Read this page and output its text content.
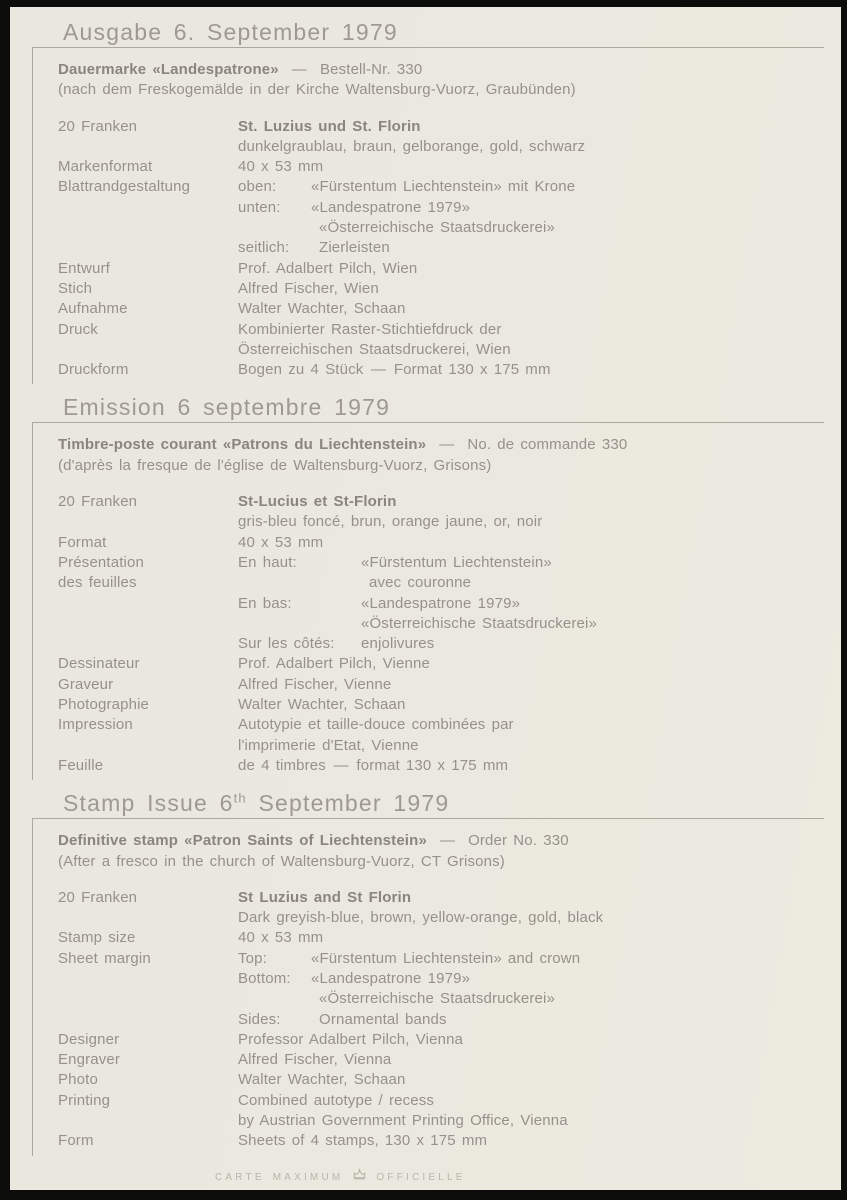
Ausgabe 6. September 1979

Dauermarke «Landespatrone» — Bestell-Nr. 330

(nach dem Freskogemälde in der Kirche Waltensburg-Vuorz, Graubünden)

20 Franken	St. Luzius und St. Florin
dunkelgraublau, braun, gelborange, gold, schwarz
Markenformat	40 x 53 mm
Blattrandgestaltung	oben:	«Fürstentum Liechtenstein» mit Krone
unten:	«Landespatrone 1979»
«Österreichische Staatsdruckerei»
seitlich:	Zierleisten
Entwurf	Prof. Adalbert Pilch, Wien
Stich	Alfred Fischer, Wien
Aufnahme	Walter Wachter, Schaan
Druck	Kombinierter Raster-Stichtiefdruck der
Österreichischen Staatsdruckerei, Wien
Druckform	Bogen zu 4 Stück — Format 130 x 175 mm
Emission 6 septembre 1979

Timbre-poste courant «Patrons du Liechtenstein» — No. de commande 330

(d'après la fresque de l'église de Waltensburg-Vuorz, Grisons)

20 Franken	St-Lucius et St-Florin
gris-bleu foncé, brun, orange jaune, or, noir
Format	40 x 53 mm
Présentation
des feuilles
En haut:	«Fürstentum Liechtenstein»
avec couronne
En bas:	«Landespatrone 1979»
«Österreichische Staatsdruckerei»
Sur les côtés:	enjolivures
Dessinateur	Prof. Adalbert Pilch, Vienne
Graveur	Alfred Fischer, Vienne
Photographie	Walter Wachter, Schaan
Impression	Autotypie et taille-douce combinées par
l'imprimerie d'Etat, Vienne
Feuille	de 4 timbres — format 130 x 175 mm
Stamp Issue 6th September 1979

Definitive stamp «Patron Saints of Liechtenstein» — Order No. 330

(After a fresco in the church of Waltensburg-Vuorz, CT Grisons)

20 Franken	St Luzius and St Florin
Dark greyish-blue, brown, yellow-orange, gold, black
Stamp size	40 x 53 mm
Sheet margin	Top:	«Fürstentum Liechtenstein» and crown
Bottom:	«Landespatrone 1979»
«Österreichische Staatsdruckerei»
Sides:	Ornamental bands
Designer	Professor Adalbert Pilch, Vienna
Engraver	Alfred Fischer, Vienna
Photo	Walter Wachter, Schaan
Printing	Combined autotype / recess
by Austrian Government Printing Office, Vienna
Form	Sheets of 4 stamps, 130 x 175 mm
CARTE MAXIMUM	OFFICIELLE
